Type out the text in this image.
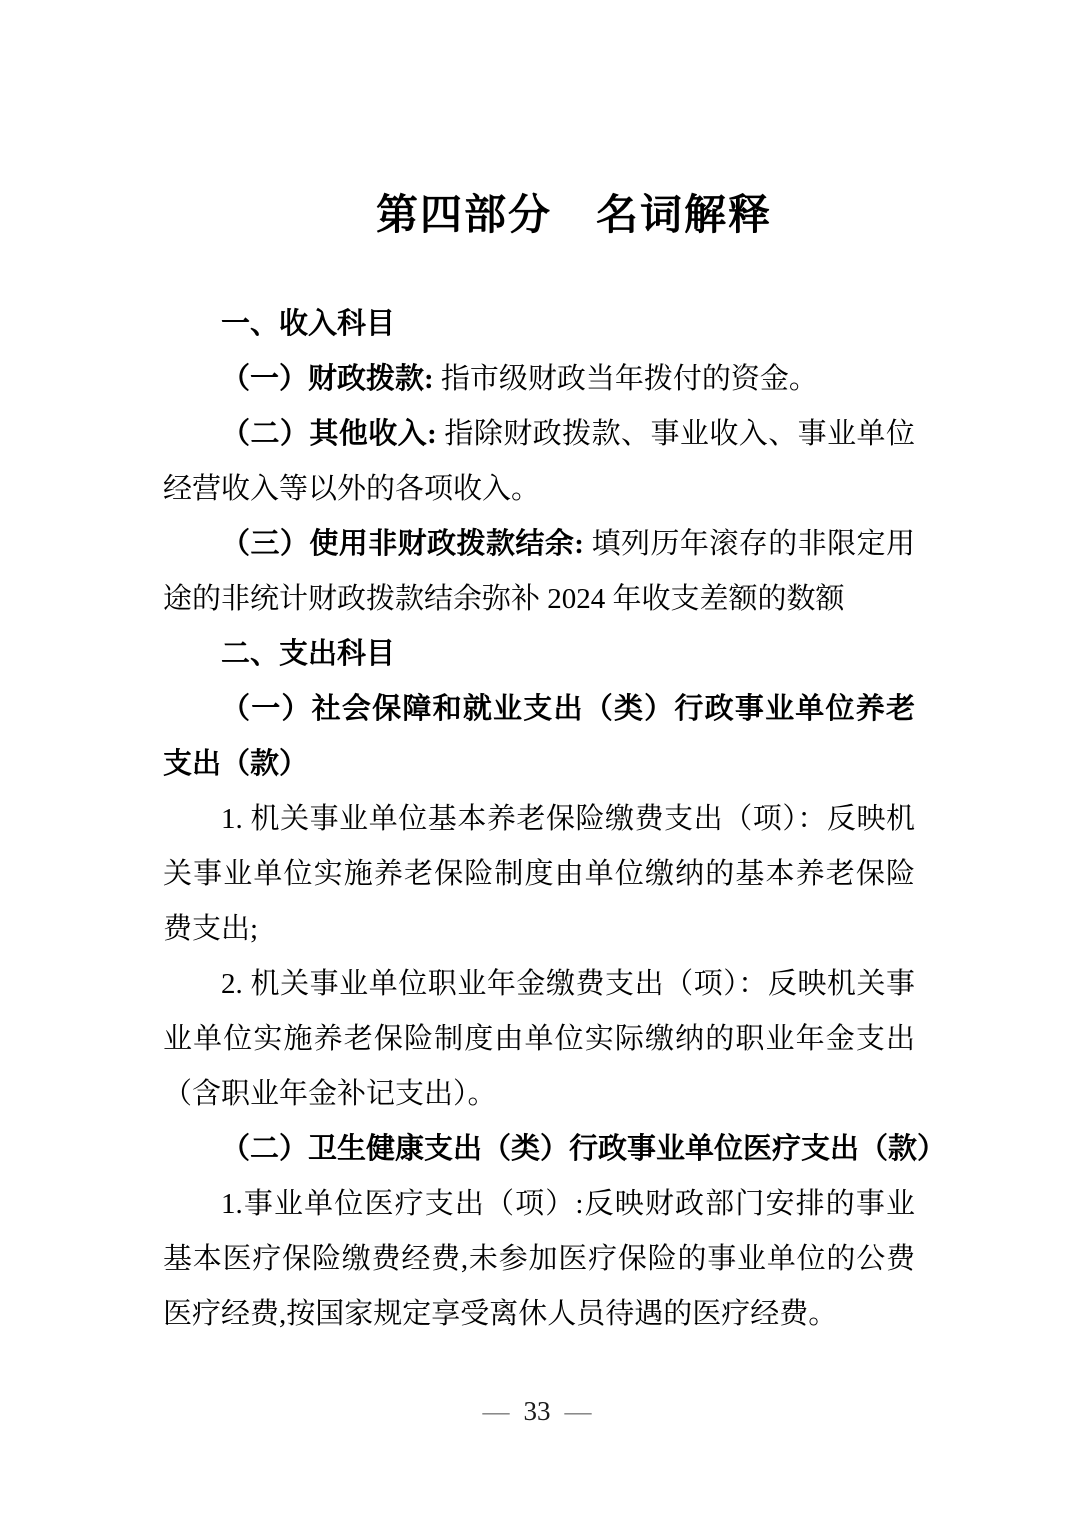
第四部分　名词解释

一、收入科目

（一）财政拨款: 指市级财政当年拨付的资金。

（二）其他收入: 指除财政拨款、事业收入、事业单位经营收入等以外的各项收入。

（三）使用非财政拨款结余: 填列历年滚存的非限定用途的非统计财政拨款结余弥补 2024 年收支差额的数额

二、支出科目

（一）社会保障和就业支出（类）行政事业单位养老支出（款）

1. 机关事业单位基本养老保险缴费支出（项）：反映机关事业单位实施养老保险制度由单位缴纳的基本养老保险费支出;

2. 机关事业单位职业年金缴费支出（项）：反映机关事业单位实施养老保险制度由单位实际缴纳的职业年金支出（含职业年金补记支出）。

（二）卫生健康支出（类）行政事业单位医疗支出（款）

1.事业单位医疗支出（项）:反映财政部门安排的事业基本医疗保险缴费经费,未参加医疗保险的事业单位的公费医疗经费,按国家规定享受离休人员待遇的医疗经费。

— 33 —
